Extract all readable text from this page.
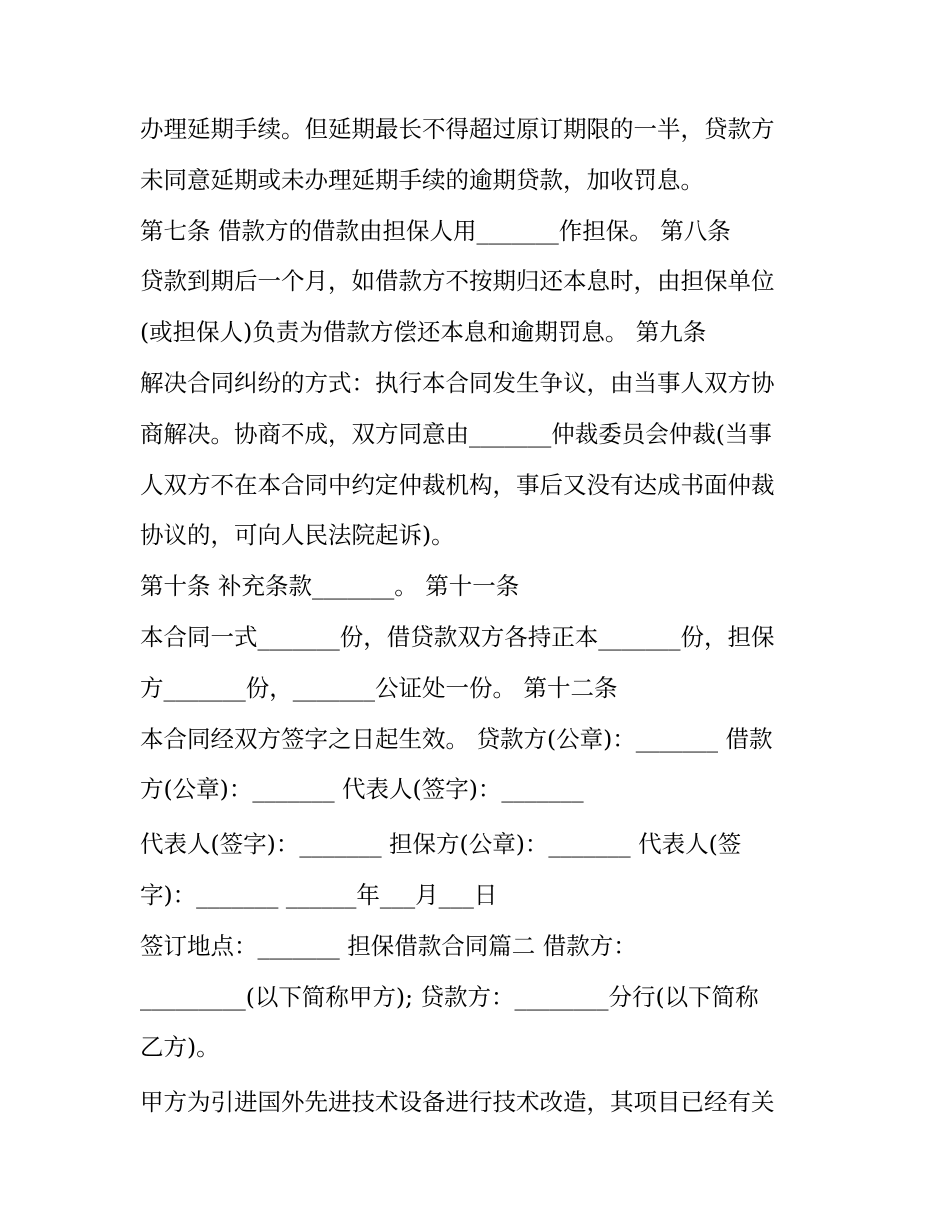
办理延期手续。但延期最长不得超过原订期限的一半，贷款方
未同意延期或未办理延期手续的逾期贷款，加收罚息。
第七条 借款方的借款由担保人用_______作担保。 第八条
贷款到期后一个月，如借款方不按期归还本息时，由担保单位
(或担保人)负责为借款方偿还本息和逾期罚息。 第九条
解决合同纠纷的方式：执行本合同发生争议，由当事人双方协
商解决。协商不成，双方同意由_______仲裁委员会仲裁(当事
人双方不在本合同中约定仲裁机构，事后又没有达成书面仲裁
协议的，可向人民法院起诉)。
第十条 补充条款_______。 第十一条
本合同一式_______份，借贷款双方各持正本_______份，担保
方_______份，_______公证处一份。 第十二条
本合同经双方签字之日起生效。 贷款方(公章)：_______ 借款
方(公章)：_______ 代表人(签字)：_______
代表人(签字)：_______ 担保方(公章)：_______ 代表人(签
字)：_______ ______年___月___日
签订地点：_______ 担保借款合同篇二 借款方：
_________(以下简称甲方); 贷款方：________分行(以下简称
乙方)。
甲方为引进国外先进技术设备进行技术改造，其项目已经有关
